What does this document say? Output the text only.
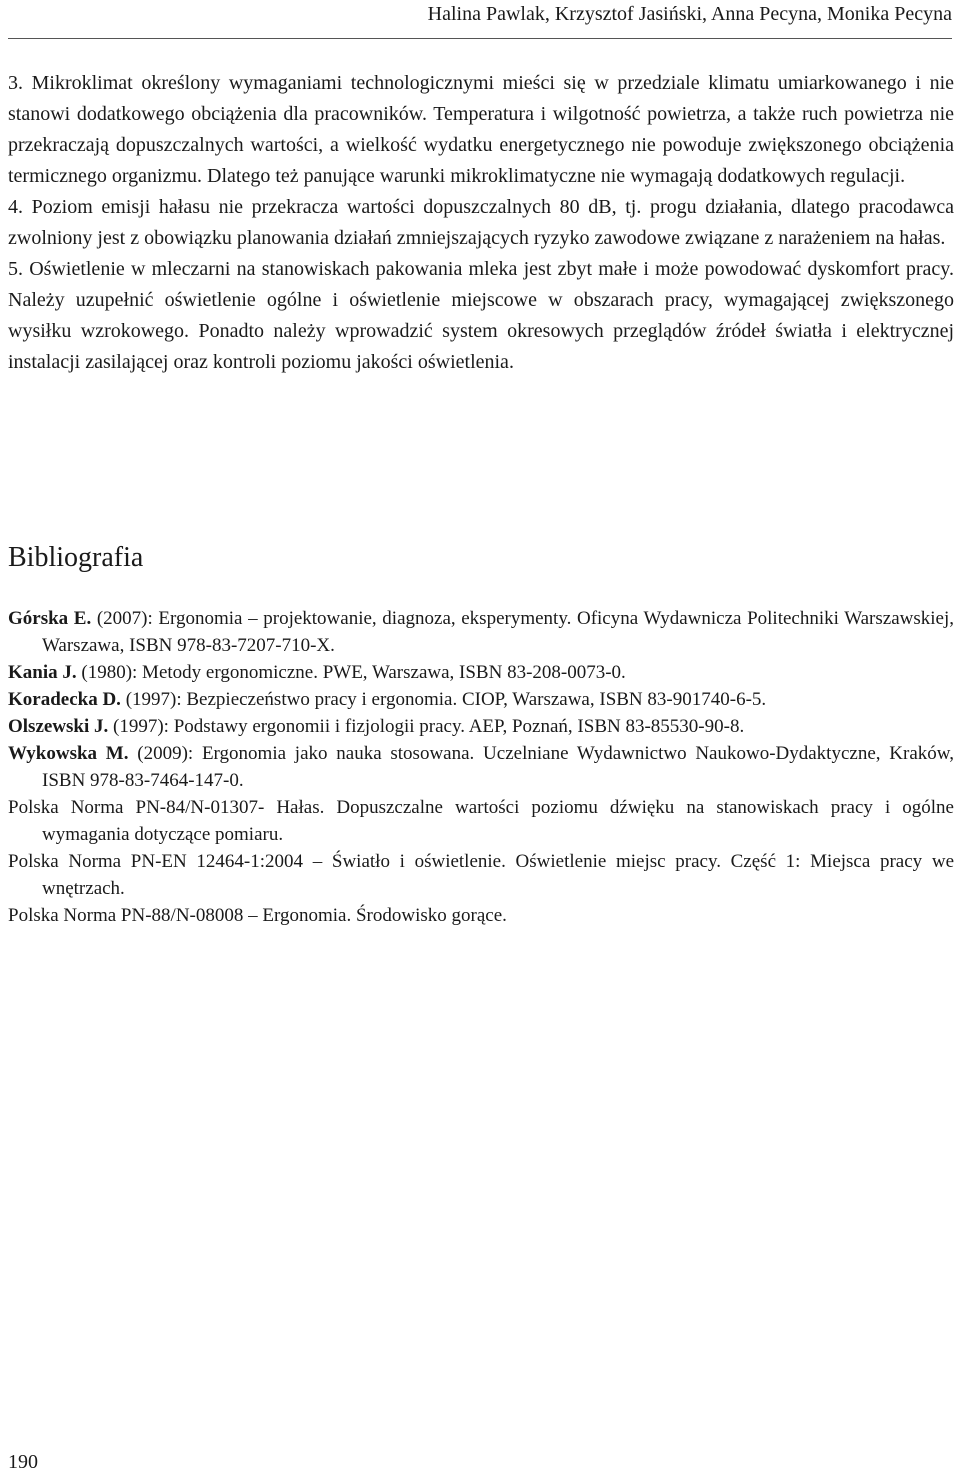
Halina Pawlak, Krzysztof Jasiński, Anna Pecyna, Monika Pecyna

3. Mikroklimat określony wymaganiami technologicznymi mieści się w przedziale klimatu umiarkowanego i nie stanowi dodatkowego obciążenia dla pracowników. Temperatura i wilgotność powietrza, a także ruch powietrza nie przekraczają dopuszczalnych wartości, a wielkość wydatku energetycznego nie powoduje zwiększonego obciążenia termicznego organizmu. Dlatego też panujące warunki mikroklimatyczne nie wymagają dodatkowych regulacji.

4. Poziom emisji hałasu nie przekracza wartości dopuszczalnych 80 dB, tj. progu działania, dlatego pracodawca zwolniony jest z obowiązku planowania działań zmniejszających ryzyko zawodowe związane z narażeniem na hałas.

5. Oświetlenie w mleczarni na stanowiskach pakowania mleka jest zbyt małe i może powodować dyskomfort pracy. Należy uzupełnić oświetlenie ogólne i oświetlenie miejscowe w obszarach pracy, wymagającej zwiększonego wysiłku wzrokowego. Ponadto należy wprowadzić system okresowych przeglądów źródeł światła i elektrycznej instalacji zasilającej oraz kontroli poziomu jakości oświetlenia.

Bibliografia

Górska E. (2007): Ergonomia – projektowanie, diagnoza, eksperymenty. Oficyna Wydawnicza Politechniki Warszawskiej, Warszawa, ISBN 978-83-7207-710-X.

Kania J. (1980): Metody ergonomiczne. PWE, Warszawa, ISBN 83-208-0073-0.

Koradecka D. (1997): Bezpieczeństwo pracy i ergonomia. CIOP, Warszawa, ISBN 83-901740-6-5.

Olszewski J. (1997): Podstawy ergonomii i fizjologii pracy. AEP, Poznań, ISBN 83-85530-90-8.

Wykowska M. (2009): Ergonomia jako nauka stosowana. Uczelniane Wydawnictwo Naukowo-Dydaktyczne, Kraków, ISBN 978-83-7464-147-0.

Polska Norma PN-84/N-01307- Hałas. Dopuszczalne wartości poziomu dźwięku na stanowiskach pracy i ogólne wymagania dotyczące pomiaru.

Polska Norma PN-EN 12464-1:2004 – Światło i oświetlenie. Oświetlenie miejsc pracy. Część 1: Miejsca pracy we wnętrzach.

Polska Norma PN-88/N-08008 – Ergonomia. Środowisko gorące.

190
